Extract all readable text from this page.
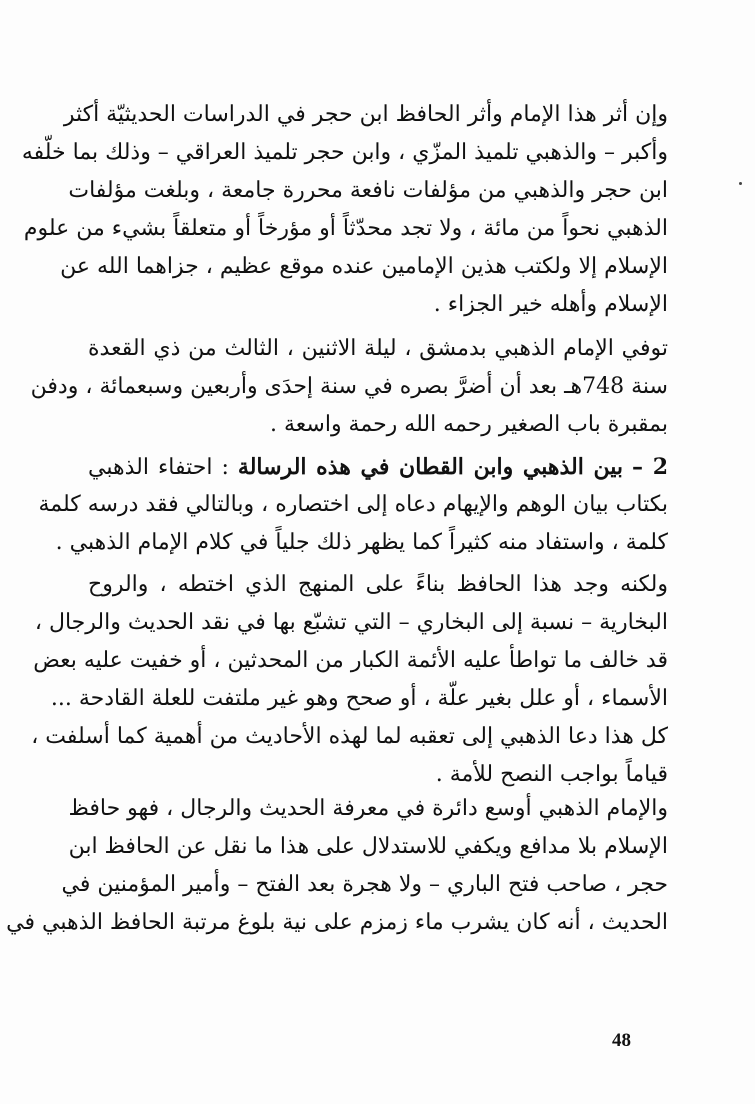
وإن أثر هذا الإمام وأثر الحافظ ابن حجر في الدراسات الحديثيّة أكثر
وأكبر – والذهبي تلميذ المزّي ، وابن حجر تلميذ العراقي – وذلك بما خلّفه
ابن حجر والذهبي من مؤلفات نافعة محررة جامعة ، وبلغت مؤلفات
الذهبي نحواً من مائة ، ولا تجد محدّثاً أو مؤرخاً أو متعلقاً بشيء من علوم
الإسلام إلا ولكتب هذين الإمامين عنده موقع عظيم ، جزاهما الله عن
الإسلام وأهله خير الجزاء .
توفي الإمام الذهبي بدمشق ، ليلة الاثنين ، الثالث من ذي القعدة
سنة 748هـ بعد أن أضرَّ بصره في سنة إحدَى وأربعين وسبعمائة ، ودفن
بمقبرة باب الصغير رحمه الله رحمة واسعة .
2 – بين الذهبي وابن القطان في هذه الرسالة : احتفاء الذهبي
بكتاب بيان الوهم والإيهام دعاه إلى اختصاره ، وبالتالي فقد درسه كلمة
كلمة ، واستفاد منه كثيراً كما يظهر ذلك جلياً في كلام الإمام الذهبي .
ولكنه وجد هذا الحافظ بناءً على المنهج الذي اختطه ، والروح
البخارية – نسبة إلى البخاري – التي تشبّع بها في نقد الحديث والرجال ،
قد خالف ما تواطأ عليه الأئمة الكبار من المحدثين ، أو خفيت عليه بعض
الأسماء ، أو علل بغير علّة ، أو صحح وهو غير ملتفت للعلة القادحة ...
كل هذا دعا الذهبي إلى تعقبه لما لهذه الأحاديث من أهمية كما أسلفت ،
قياماً بواجب النصح للأمة .
والإمام الذهبي أوسع دائرة في معرفة الحديث والرجال ، فهو حافظ
الإسلام بلا مدافع ويكفي للاستدلال على هذا ما نقل عن الحافظ ابن
حجر ، صاحب فتح الباري – ولا هجرة بعد الفتح – وأمير المؤمنين في
الحديث ، أنه كان يشرب ماء زمزم على نية بلوغ مرتبة الحافظ الذهبي في
48
